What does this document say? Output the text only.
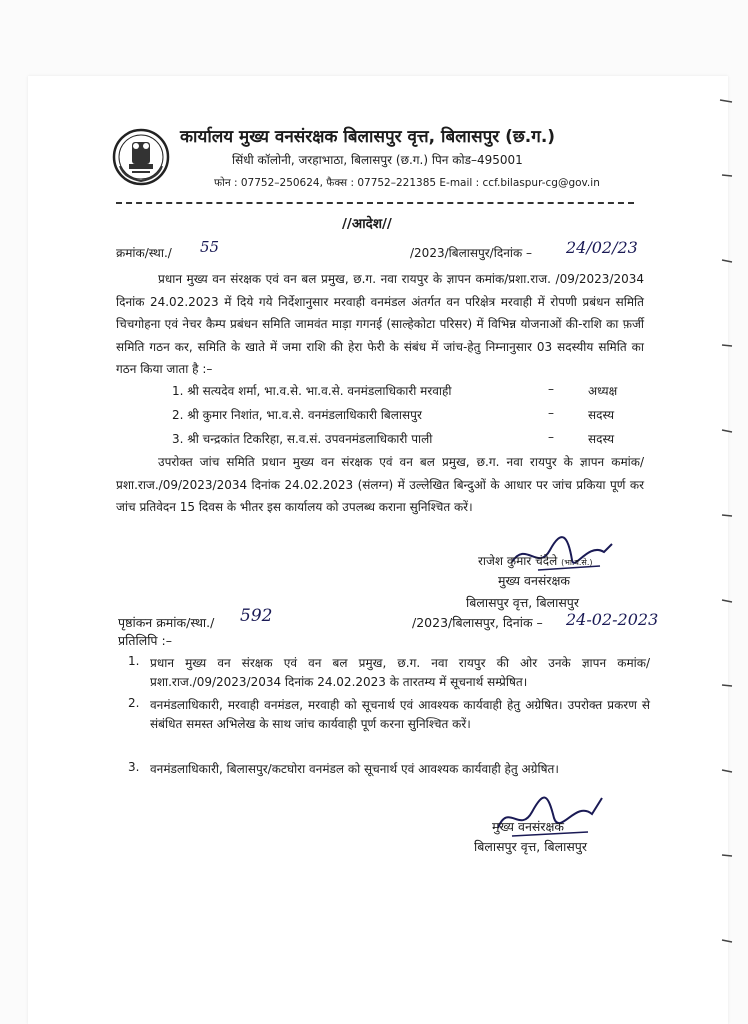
कार्यालय मुख्य वनसंरक्षक बिलासपुर वृत्त, बिलासपुर (छ.ग.)
सिंधी कॉलोनी, जरहाभाठा, बिलासपुर (छ.ग.) पिन कोड–495001
फोन : 07752–250624, फैक्स : 07752–221385 E-mail : ccf.bilaspur-cg@gov.in
//आदेश//
क्रमांक/स्था./ 55	/2023/बिलासपुर/दिनांक – 24/02/23
प्रधान मुख्य वन संरक्षक एवं वन बल प्रमुख, छ.ग. नवा रायपुर के ज्ञापन कमांक/प्रशा.राज. /09/2023/2034 दिनांक 24.02.2023 में दिये गये निर्देशानुसार मरवाही वनमंडल अंतर्गत वन परिक्षेत्र मरवाही में रोपणी प्रबंधन समिति चिचगोहना एवं नेचर कैम्प प्रबंधन समिति जामवंत माड़ा गगनई (साल्हेकोटा परिसर) में विभिन्न योजनाओं की-राशि का फ़र्जी समिति गठन कर, समिति के खाते में जमा राशि की हेरा फेरी के संबंध में जांच-हेतु निम्नानुसार 03 सदस्यीय समिति का गठन किया जाता है :–
1. श्री सत्यदेव शर्मा, भा.व.से. भा.व.से. वनमंडलाधिकारी मरवाही	–	अध्यक्ष
2. श्री कुमार निशांत, भा.व.से. वनमंडलाधिकारी बिलासपुर	–	सदस्य
3. श्री चन्द्रकांत टिकरिहा, स.व.सं. उपवनमंडलाधिकारी पाली	–	सदस्य
उपरोक्त जांच समिति प्रधान मुख्य वन संरक्षक एवं वन बल प्रमुख, छ.ग. नवा रायपुर के ज्ञापन कमांक/प्रशा.राज./09/2023/2034 दिनांक 24.02.2023 (संलग्न) में उल्लेखित बिन्दुओं के आधार पर जांच प्रकिया पूर्ण कर जांच प्रतिवेदन 15 दिवस के भीतर इस कार्यालय को उपलब्ध कराना सुनिश्चित करें।
राजेश कुमार चंदेले (भा.व.से.)
मुख्य वनसंरक्षक
बिलासपुर वृत्त, बिलासपुर
पृष्ठांकन क्रमांक/स्था./ 592	/2023/बिलासपुर, दिनांक – 24-02-2023
प्रतिलिपि :–
1. प्रधान मुख्य वन संरक्षक एवं वन बल प्रमुख, छ.ग. नवा रायपुर की ओर उनके ज्ञापन कमांक/प्रशा.राज./09/2023/2034 दिनांक 24.02.2023 के तारतम्य में सूचनार्थ सम्प्रेषित।
2. वनमंडलाधिकारी, मरवाही वनमंडल, मरवाही को सूचनार्थ एवं आवश्यक कार्यवाही हेतु अग्रेषित। उपरोक्त प्रकरण से संबंधित समस्त अभिलेख के साथ जांच कार्यवाही पूर्ण करना सुनिश्चित करें।
3. वनमंडलाधिकारी, बिलासपुर/कटघोरा वनमंडल को सूचनार्थ एवं आवश्यक कार्यवाही हेतु अग्रेषित।
मुख्य वनसंरक्षक
बिलासपुर वृत्त, बिलासपुर
